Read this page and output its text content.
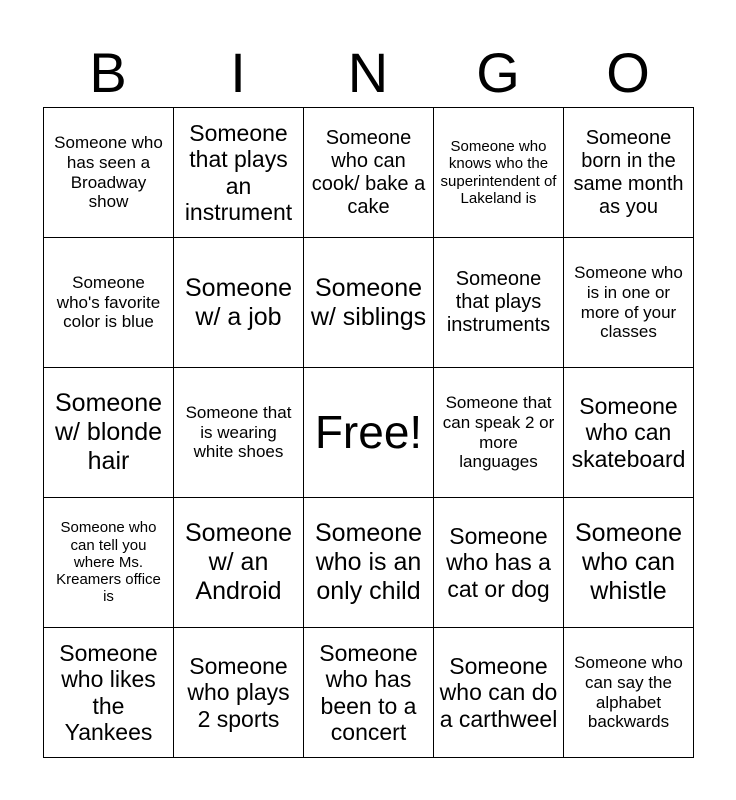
B	I	N	G	O
Someone who has seen a Broadway show	Someone that plays an instrument	Someone who can cook/ bake a cake	Someone who knows who the superintendent of Lakeland is	Someone born in the same month as you
Someone who's favorite color is blue	Someone w/ a job	Someone w/ siblings	Someone that plays instruments	Someone who is in one or more of your classes
Someone w/ blonde hair	Someone that is wearing white shoes	Free!	Someone that can speak 2 or more languages	Someone who can skateboard
Someone who can tell you where Ms. Kreamers office is	Someone w/ an Android	Someone who is an only child	Someone who has a cat or dog	Someone who can whistle
Someone who likes the Yankees	Someone who plays 2 sports	Someone who has been to a concert	Someone who can do a carthweel	Someone who can say the alphabet backwards
